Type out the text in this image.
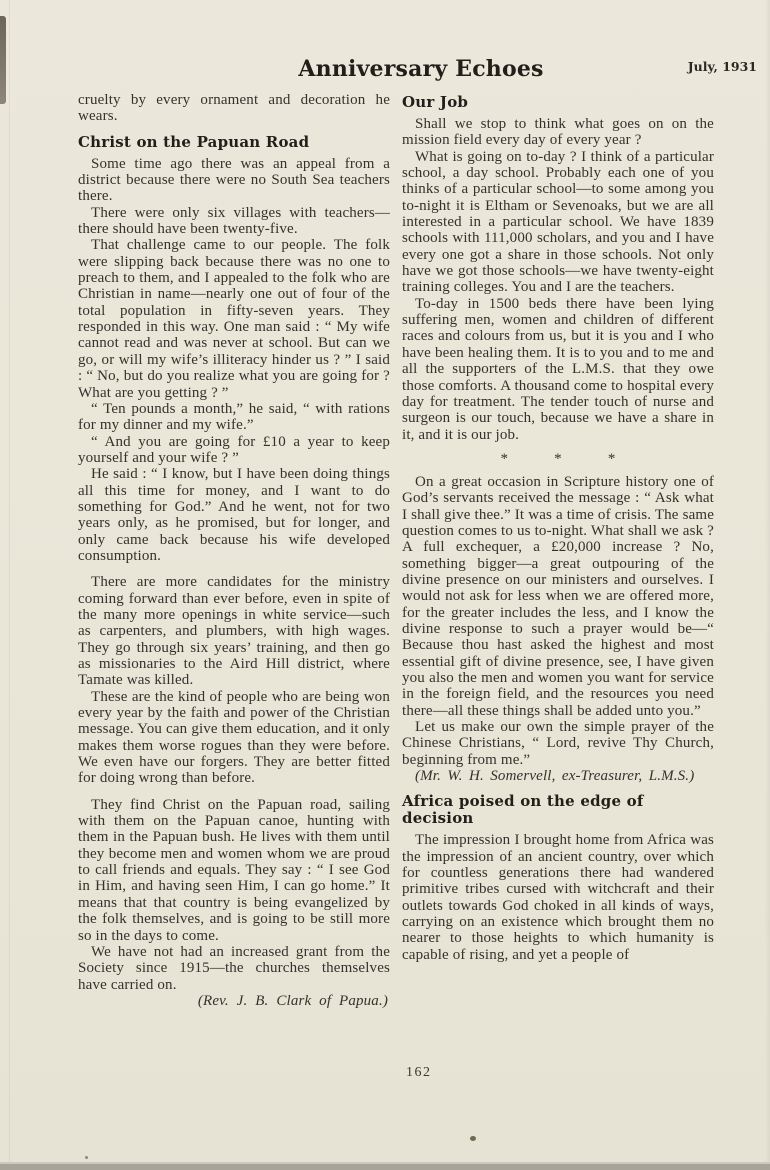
Anniversary Echoes	July, 1931

cruelty by every ornament and decoration he wears.

Christ on the Papuan Road

Some time ago there was an appeal from a district because there were no South Sea teachers there.

There were only six villages with teachers—there should have been twenty-five.

That challenge came to our people. The folk were slipping back because there was no one to preach to them, and I appealed to the folk who are Christian in name—nearly one out of four of the total population in fifty-seven years. They responded in this way. One man said : “ My wife cannot read and was never at school. But can we go, or will my wife’s illiteracy hinder us ? ” I said : “ No, but do you realize what you are going for ? What are you getting ? ”

“ Ten pounds a month,” he said, “ with rations for my dinner and my wife.”

“ And you are going for £10 a year to keep yourself and your wife ? ”

He said : “ I know, but I have been doing things all this time for money, and I want to do something for God.” And he went, not for two years only, as he promised, but for longer, and only came back because his wife developed consumption.

There are more candidates for the ministry coming forward than ever before, even in spite of the many more openings in white service—such as carpenters, and plumbers, with high wages. They go through six years’ training, and then go as missionaries to the Aird Hill district, where Tamate was killed.

These are the kind of people who are being won every year by the faith and power of the Christian message. You can give them education, and it only makes them worse rogues than they were before. We even have our forgers. They are better fitted for doing wrong than before.

They find Christ on the Papuan road, sailing with them on the Papuan canoe, hunting with them in the Papuan bush. He lives with them until they become men and women whom we are proud to call friends and equals. They say : “ I see God in Him, and having seen Him, I can go home.” It means that that country is being evangelized by the folk themselves, and is going to be still more so in the days to come.

We have not had an increased grant from the Society since 1915—the churches themselves have carried on.

(Rev. J. B. Clark of Papua.)

Our Job

Shall we stop to think what goes on on the mission field every day of every year ?

What is going on to-day ? I think of a particular school, a day school. Probably each one of you thinks of a particular school—to some among you to-night it is Eltham or Sevenoaks, but we are all interested in a particular school. We have 1839 schools with 111,000 scholars, and you and I have every one got a share in those schools. Not only have we got those schools—we have twenty-eight training colleges. You and I are the teachers.

To-day in 1500 beds there have been lying suffering men, women and children of different races and colours from us, but it is you and I who have been healing them. It is to you and to me and all the supporters of the L.M.S. that they owe those comforts. A thousand come to hospital every day for treatment. The tender touch of nurse and surgeon is our touch, because we have a share in it, and it is our job.

*	*	*

On a great occasion in Scripture history one of God’s servants received the message : “ Ask what I shall give thee.” It was a time of crisis. The same question comes to us to-night. What shall we ask ? A full exchequer, a £20,000 increase ? No, something bigger—a great outpouring of the divine presence on our ministers and ourselves. I would not ask for less when we are offered more, for the greater includes the less, and I know the divine response to such a prayer would be—“ Because thou hast asked the highest and most essential gift of divine presence, see, I have given you also the men and women you want for service in the foreign field, and the resources you need there—all these things shall be added unto you.”

Let us make our own the simple prayer of the Chinese Christians, “ Lord, revive Thy Church, beginning from me.”

(Mr. W. H. Somervell, ex-Treasurer, L.M.S.)

Africa poised on the edge of decision

The impression I brought home from Africa was the impression of an ancient country, over which for countless generations there had wandered primitive tribes cursed with witchcraft and their outlets towards God choked in all kinds of ways, carrying on an existence which brought them no nearer to those heights to which humanity is capable of rising, and yet a people of

162
